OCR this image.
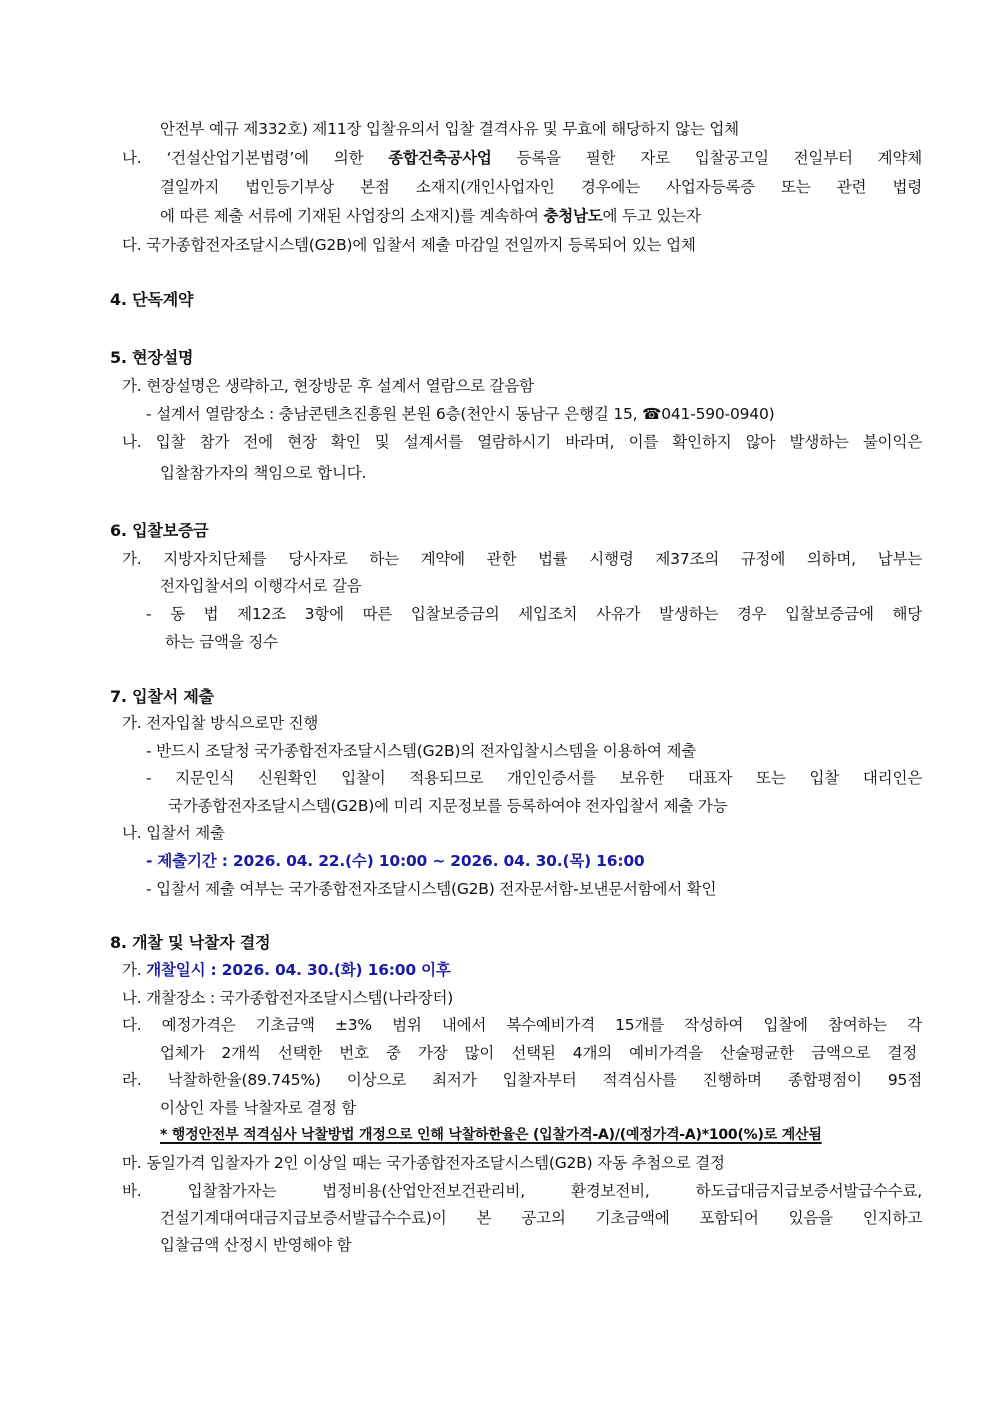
안전부 예규 제332호) 제11장 입찰유의서 입찰 결격사유 및 무효에 해당하지 않는 업체
나. ‘건설산업기본법령’에 의한 종합건축공사업 등록을 필한 자로 입찰공고일 전일부터 계약체
결일까지 법인등기부상 본점 소재지(개인사업자인 경우에는 사업자등록증 또는 관련 법령
에 따른 제출 서류에 기재된 사업장의 소재지)를 계속하여 충청남도에 두고 있는자
다. 국가종합전자조달시스템(G2B)에 입찰서 제출 마감일 전일까지 등록되어 있는 업체
4. 단독계약
5. 현장설명
가. 현장설명은 생략하고, 현장방문 후 설계서 열람으로 갈음함
- 설계서 열람장소 : 충남콘텐츠진흥원 본원 6층(천안시 동남구 은행길 15, ☎041-590-0940)
나. 입찰 참가 전에 현장 확인 및 설계서를 열람하시기 바라며, 이를 확인하지 않아 발생하는 불이익은
입찰참가자의 책임으로 합니다.
6. 입찰보증금
가. 지방자치단체를 당사자로 하는 계약에 관한 법률 시행령 제37조의 규정에 의하며, 납부는
전자입찰서의 이행각서로 갈음
- 동 법 제12조 3항에 따른 입찰보증금의 세입조치 사유가 발생하는 경우 입찰보증금에 해당
하는 금액을 징수
7. 입찰서 제출
가. 전자입찰 방식으로만 진행
- 반드시 조달청 국가종합전자조달시스템(G2B)의 전자입찰시스템을 이용하여 제출
- 지문인식 신원확인 입찰이 적용되므로 개인인증서를 보유한 대표자 또는 입찰 대리인은
국가종합전자조달시스템(G2B)에 미리 지문정보를 등록하여야 전자입찰서 제출 가능
나. 입찰서 제출
- 제출기간 : 2026. 04. 22.(수) 10:00 ~ 2026. 04. 30.(목) 16:00
- 입찰서 제출 여부는 국가종합전자조달시스템(G2B) 전자문서함-보낸문서함에서 확인
8. 개찰 및 낙찰자 결정
가. 개찰일시 : 2026. 04. 30.(화) 16:00 이후
나. 개찰장소 : 국가종합전자조달시스템(나라장터)
다. 예정가격은 기초금액 ±3% 범위 내에서 복수예비가격 15개를 작성하여 입찰에 참여하는 각
업체가 2개씩 선택한 번호 중 가장 많이 선택된 4개의 예비가격을 산술평균한 금액으로 결정
라. 낙찰하한율(89.745%) 이상으로 최저가 입찰자부터 적격심사를 진행하며 종합평점이 95점
이상인 자를 낙찰자로 결정 함
* 행정안전부 적격심사 낙찰방법 개정으로 인해 낙찰하한율은 (입찰가격-A)/(예정가격-A)*100(%)로 계산됨
마. 동일가격 입찰자가 2인 이상일 때는 국가종합전자조달시스템(G2B) 자동 추첨으로 결정
바. 입찰참가자는 법정비용(산업안전보건관리비, 환경보전비, 하도급대금지급보증서발급수수료,
건설기계대여대금지급보증서발급수수료)이 본 공고의 기초금액에 포함되어 있음을 인지하고
입찰금액 산정시 반영해야 함
